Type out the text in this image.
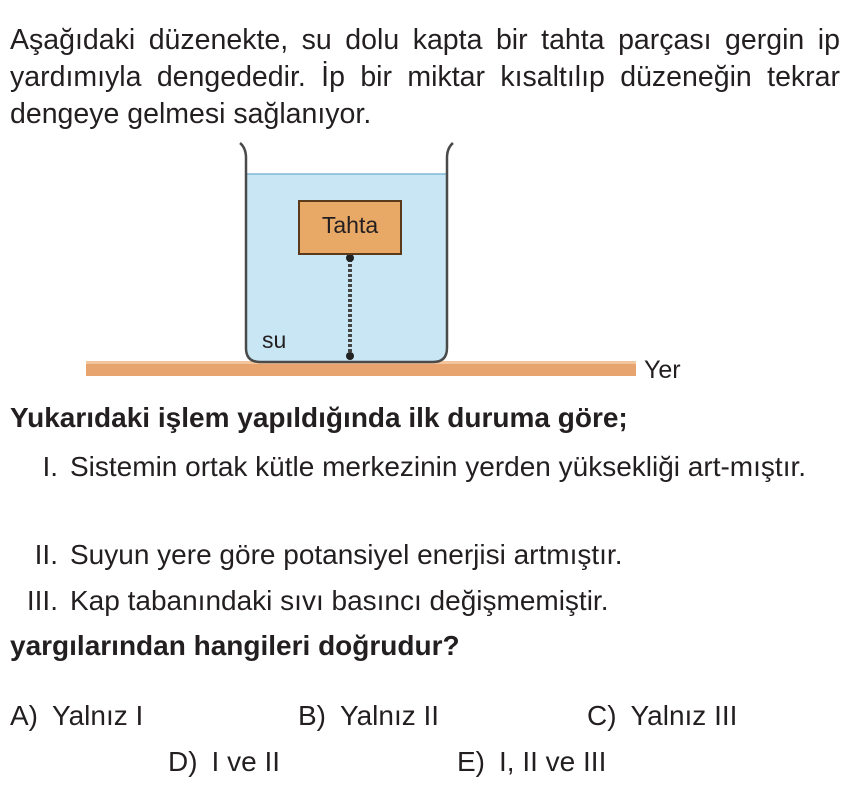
Aşağıdaki düzenekte, su dolu kapta bir tahta parçası gergin ip yardımıyla dengededir. İp bir miktar kısaltılıp düzeneğin tekrar dengeye gelmesi sağlanıyor.
Tahta
su
Yer
Yukarıdaki işlem yapıldığında ilk duruma göre;
I. Sistemin ortak kütle merkezinin yerden yüksekliği art-mıştır.
II. Suyun yere göre potansiyel enerjisi artmıştır.
III. Kap tabanındaki sıvı basıncı değişmemiştir.
yargılarından hangileri doğrudur?
A) Yalnız I	B) Yalnız II	C) Yalnız III
D) I ve II	E) I, II ve III
